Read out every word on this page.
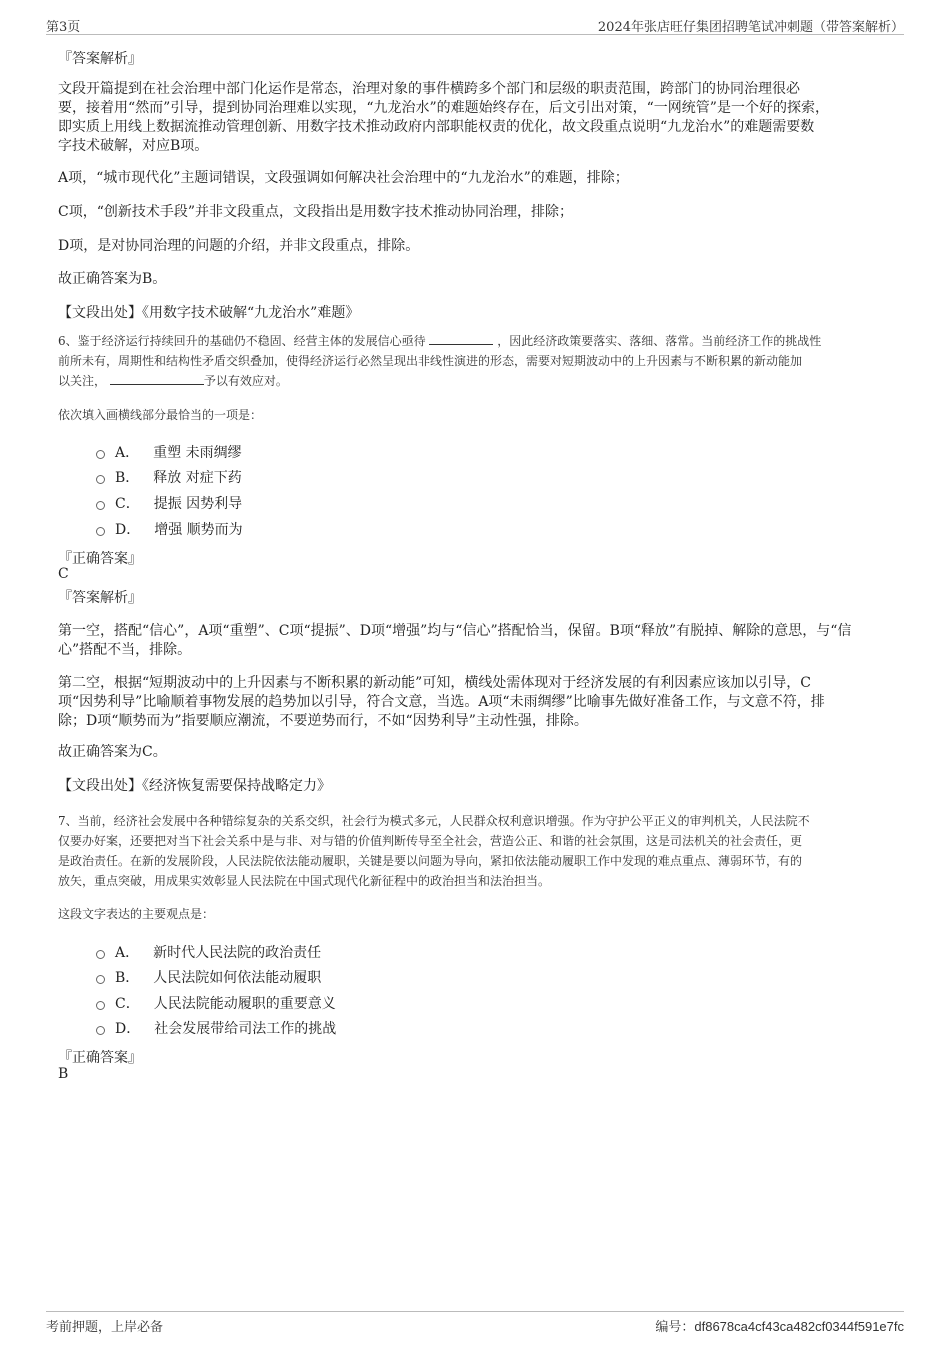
第3页	2024年张店旺仔集团招聘笔试冲刺题（带答案解析）
『答案解析』
文段开篇提到在社会治理中部门化运作是常态，治理对象的事件横跨多个部门和层级的职责范围，跨部门的协同治理很必
要，接着用“然而”引导，提到协同治理难以实现，“九龙治水”的难题始终存在，后文引出对策，“一网统管”是一个好的探索，
即实质上用线上数据流推动管理创新、用数字技术推动政府内部职能权责的优化，故文段重点说明“九龙治水”的难题需要数
字技术破解，对应B项。
A项，“城市现代化”主题词错误，文段强调如何解决社会治理中的“九龙治水”的难题，排除；
C项，“创新技术手段”并非文段重点，文段指出是用数字技术推动协同治理，排除；
D项，是对协同治理的问题的介绍，并非文段重点，排除。
故正确答案为B。
【文段出处】《用数字技术破解“九龙治水”难题》
6、鉴于经济运行持续回升的基础仍不稳固、经营主体的发展信心亟待	，因此经济政策要落实、落细、落常。当前经济工作的挑战性
前所未有，周期性和结构性矛盾交织叠加，使得经济运行必然呈现出非线性演进的形态，需要对短期波动中的上升因素与不断积累的新动能加
以关注，	予以有效应对。
依次填入画横线部分最恰当的一项是：
A． 重塑 未雨绸缪
B． 释放 对症下药
C． 提振 因势利导
D． 增强 顺势而为
『正确答案』
C
『答案解析』
第一空，搭配“信心”，A项“重塑”、C项“提振”、D项“增强”均与“信心”搭配恰当，保留。B项“释放”有脱掉、解除的意思，与“信
心”搭配不当，排除。
第二空，根据“短期波动中的上升因素与不断积累的新动能”可知，横线处需体现对于经济发展的有利因素应该加以引导，C
项“因势利导”比喻顺着事物发展的趋势加以引导，符合文意，当选。A项“未雨绸缪”比喻事先做好准备工作，与文意不符，排
除；D项“顺势而为”指要顺应潮流，不要逆势而行，不如“因势利导”主动性强，排除。
故正确答案为C。
【文段出处】《经济恢复需要保持战略定力》
7、当前，经济社会发展中各种错综复杂的关系交织，社会行为模式多元，人民群众权利意识增强。作为守护公平正义的审判机关，人民法院不
仅要办好案，还要把对当下社会关系中是与非、对与错的价值判断传导至全社会，营造公正、和谐的社会氛围，这是司法机关的社会责任，更
是政治责任。在新的发展阶段，人民法院依法能动履职，关键是要以问题为导向，紧扣依法能动履职工作中发现的难点重点、薄弱环节，有的
放矢，重点突破，用成果实效彰显人民法院在中国式现代化新征程中的政治担当和法治担当。
这段文字表达的主要观点是：
A． 新时代人民法院的政治责任
B． 人民法院如何依法能动履职
C． 人民法院能动履职的重要意义
D． 社会发展带给司法工作的挑战
『正确答案』
B
考前押题，上岸必备	编号：df8678ca4cf43ca482cf0344f591e7fc
